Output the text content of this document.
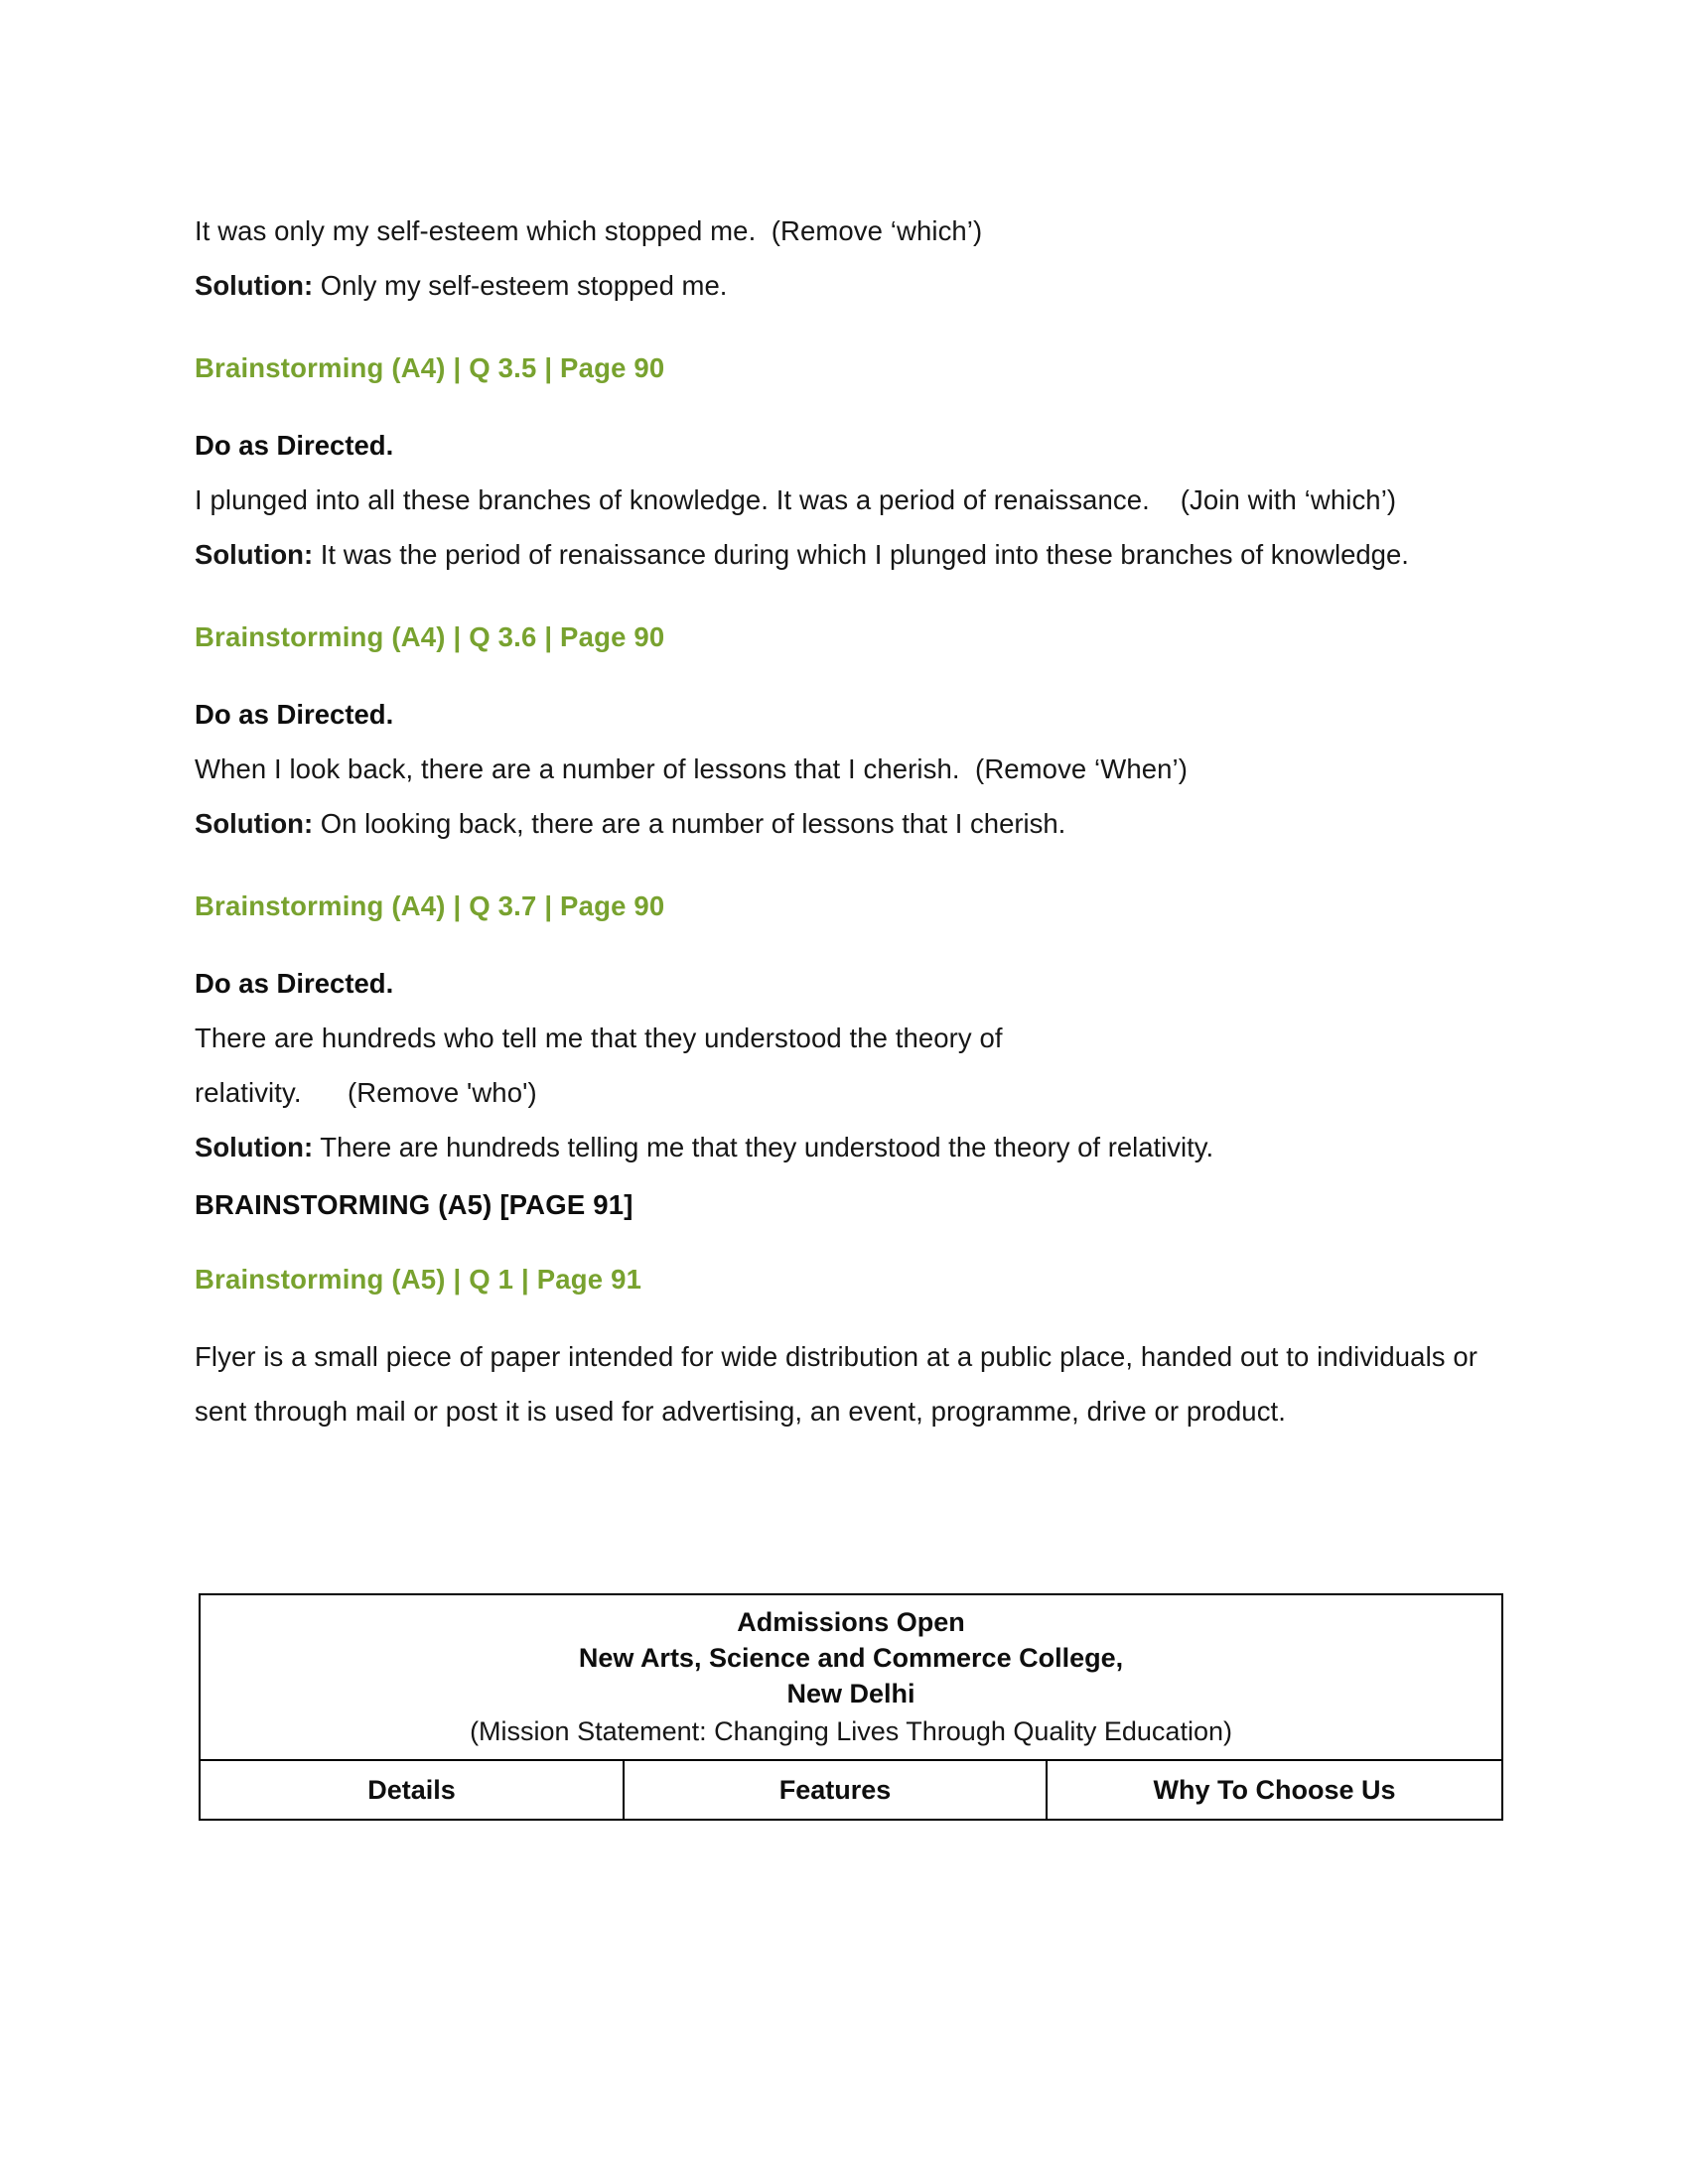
It was only my self-esteem which stopped me.  (Remove ‘which’)

Solution: Only my self-esteem stopped me.

Brainstorming (A4) | Q 3.5 | Page 90

Do as Directed.

I plunged into all these branches of knowledge. It was a period of renaissance.    (Join with ‘which’)

Solution: It was the period of renaissance during which I plunged into these branches of knowledge.

Brainstorming (A4) | Q 3.6 | Page 90

Do as Directed.

When I look back, there are a number of lessons that I cherish.  (Remove ‘When’)

Solution: On looking back, there are a number of lessons that I cherish.

Brainstorming (A4) | Q 3.7 | Page 90

Do as Directed.

There are hundreds who tell me that they understood the theory of

relativity.      (Remove 'who')

Solution: There are hundreds telling me that they understood the theory of relativity.

BRAINSTORMING (A5) [PAGE 91]

Brainstorming (A5) | Q 1 | Page 91

Flyer is a small piece of paper intended for wide distribution at a public place, handed out to individuals or sent through mail or post it is used for advertising, an event, programme, drive or product.

Admissions Open
New Arts, Science and Commerce College,
New Delhi
(Mission Statement: Changing Lives Through Quality Education)

Details	Features	Why To Choose Us
